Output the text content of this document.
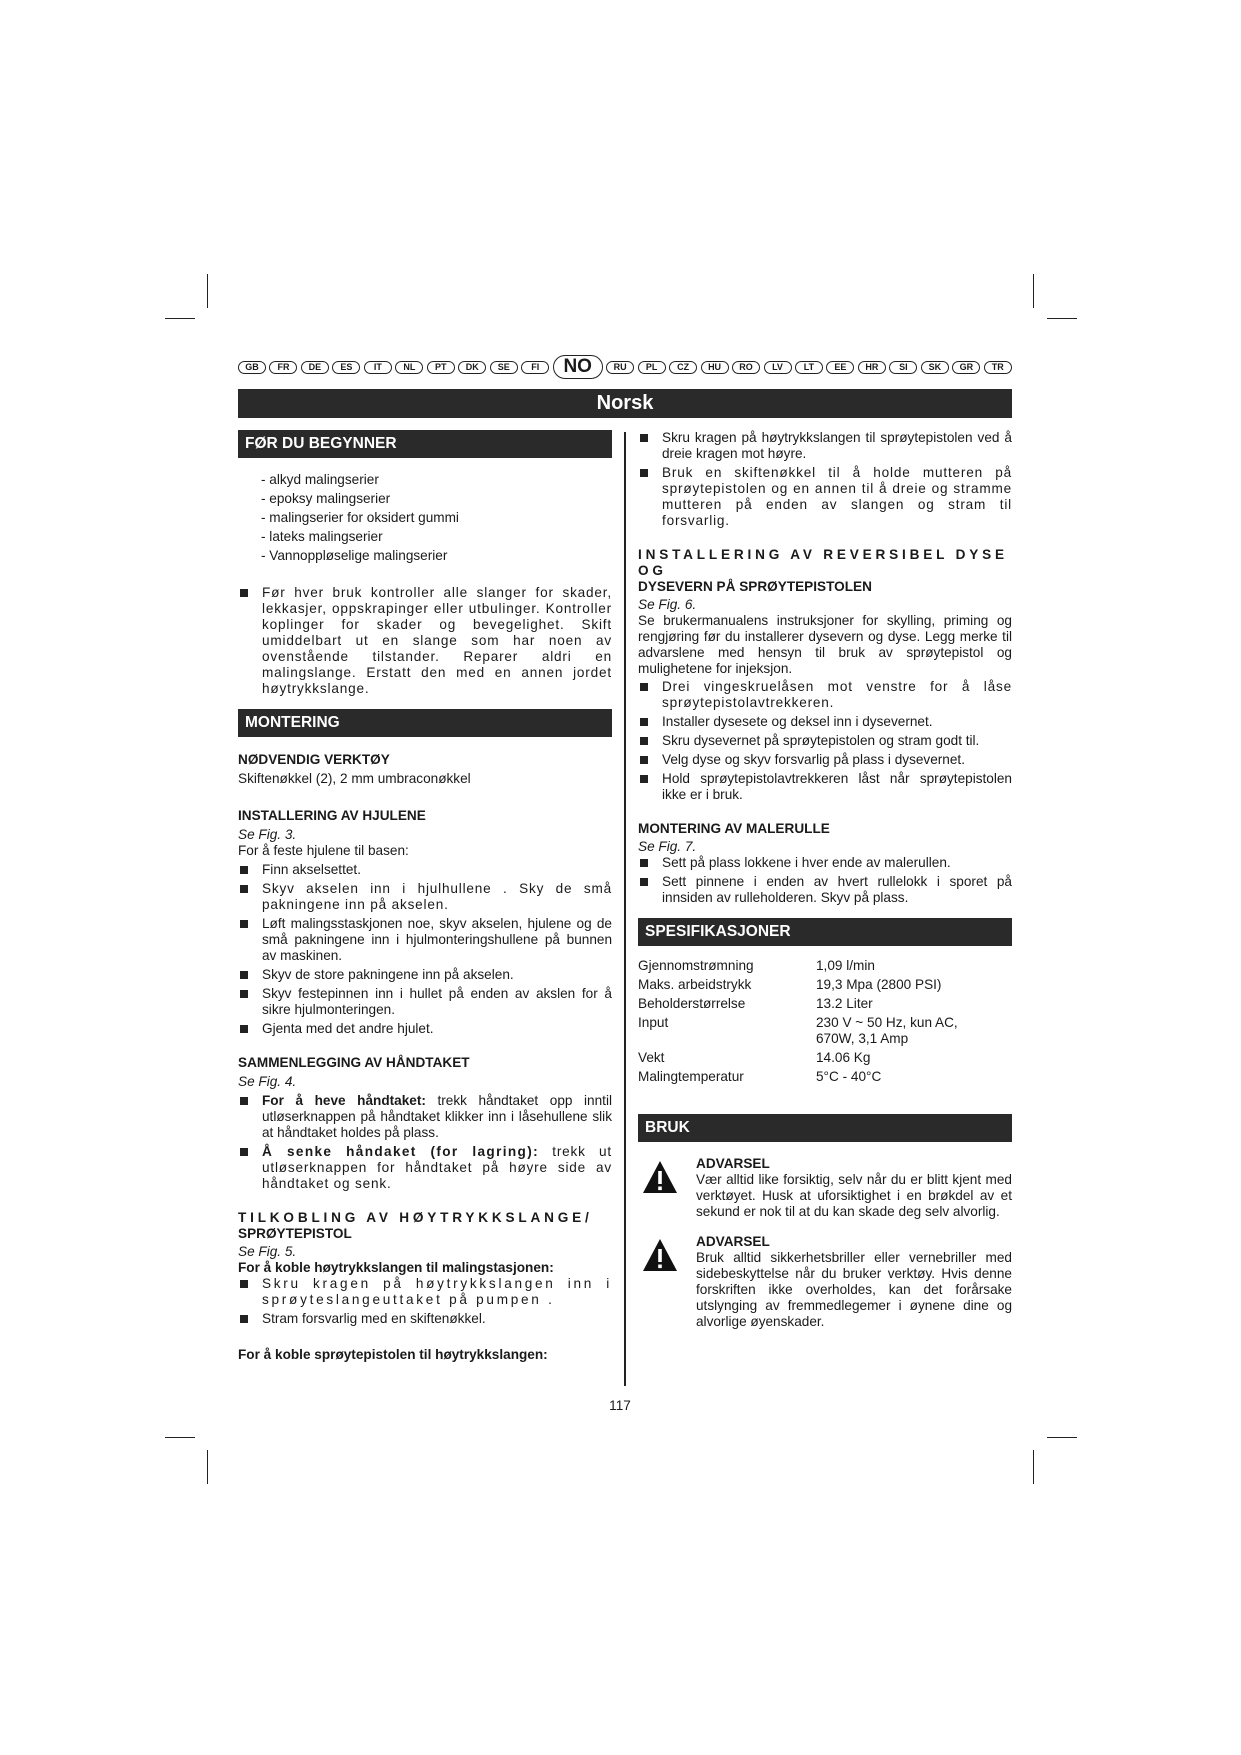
GB	FR	DE	ES	IT	NL	PT	DK	SE	FI	NO	RU	PL	CZ	HU	RO	LV	LT	EE	HR	SI	SK	GR	TR
Norsk
FØR DU BEGYNNER
- alkyd malingserier
- epoksy malingserier
- malingserier for oksidert gummi
- lateks malingserier
- Vannoppløselige malingserier
Før hver bruk kontroller alle slanger for skader, lekkasjer, oppskrapinger eller utbulinger. Kontroller koplinger for skader og bevegelighet. Skift umiddelbart ut en slange som har noen av ovenstående tilstander. Reparer aldri en malingslange. Erstatt den med en annen jordet høytrykkslange.
MONTERING
NØDVENDIG VERKTØY
Skiftenøkkel (2), 2 mm umbraconøkkel
INSTALLERING AV HJULENE
Se Fig. 3.
For å feste hjulene til basen:
Finn akselsettet.
Skyv akselen inn i hjulhullene . Sky de små pakningene inn på akselen.
Løft malingsstaskjonen noe, skyv akselen, hjulene og de små pakningene inn i hjulmonteringshullene på bunnen av maskinen.
Skyv de store pakningene inn på akselen.
Skyv festepinnen inn i hullet på enden av akslen for å sikre hjulmonteringen.
Gjenta med det andre hjulet.
SAMMENLEGGING AV HÅNDTAKET
Se Fig. 4.
For å heve håndtaket: trekk håndtaket opp inntil utløserknappen på håndtaket klikker inn i låsehullene slik at håndtaket holdes på plass.
Å senke håndaket (for lagring): trekk ut utløserknappen for håndtaket på høyre side av håndtaket og senk.
TILKOBLING AV HØYTRYKKSLANGE/
SPRØYTEPISTOL
Se Fig. 5.
For å koble høytrykkslangen til malingstasjonen:
Skru kragen på høytrykkslangen inn i sprøyteslangeuttaket på pumpen .
Stram forsvarlig med en skiftenøkkel.
For å koble sprøytepistolen til høytrykkslangen:
Skru kragen på høytrykkslangen til sprøytepistolen ved å dreie kragen mot høyre.
Bruk en skiftenøkkel til å holde mutteren på sprøytepistolen og en annen til å dreie og stramme mutteren på enden av slangen og stram til forsvarlig.
INSTALLERING AV REVERSIBEL DYSE OG
DYSEVERN PÅ SPRØYTEPISTOLEN
Se Fig. 6.
Se brukermanualens instruksjoner for skylling, priming og rengjøring før du installerer dysevern og dyse. Legg merke til advarslene med hensyn til bruk av sprøytepistol og mulighetene for injeksjon.
Drei vingeskruelåsen mot venstre for å låse sprøytepistolavtrekkeren.
Installer dysesete og deksel inn i dysevernet.
Skru dysevernet på sprøytepistolen og stram godt til.
Velg dyse og skyv forsvarlig på plass i dysevernet.
Hold sprøytepistolavtrekkeren låst når sprøytepistolen ikke er i bruk.
MONTERING AV MALERULLE
Se Fig. 7.
Sett på plass lokkene i hver ende av malerullen.
Sett pinnene i enden av hvert rullelokk i sporet på innsiden av rulleholderen. Skyv på plass.
SPESIFIKASJONER
Gjennomstrømning	1,09 l/min
Maks. arbeidstrykk	19,3 Mpa (2800 PSI)
Beholderstørrelse	13.2 Liter
Input	230 V ~ 50 Hz, kun AC,
670W, 3,1 Amp
Vekt	14.06 Kg
Malingtemperatur	5°C - 40°C
BRUK
ADVARSEL
Vær alltid like forsiktig, selv når du er blitt kjent med verktøyet. Husk at uforsiktighet i en brøkdel av et sekund er nok til at du kan skade deg selv alvorlig.
ADVARSEL
Bruk alltid sikkerhetsbriller eller vernebriller med sidebeskyttelse når du bruker verktøy. Hvis denne forskriften ikke overholdes, kan det forårsake utslynging av fremmedlegemer i øynene dine og alvorlige øyenskader.
117
